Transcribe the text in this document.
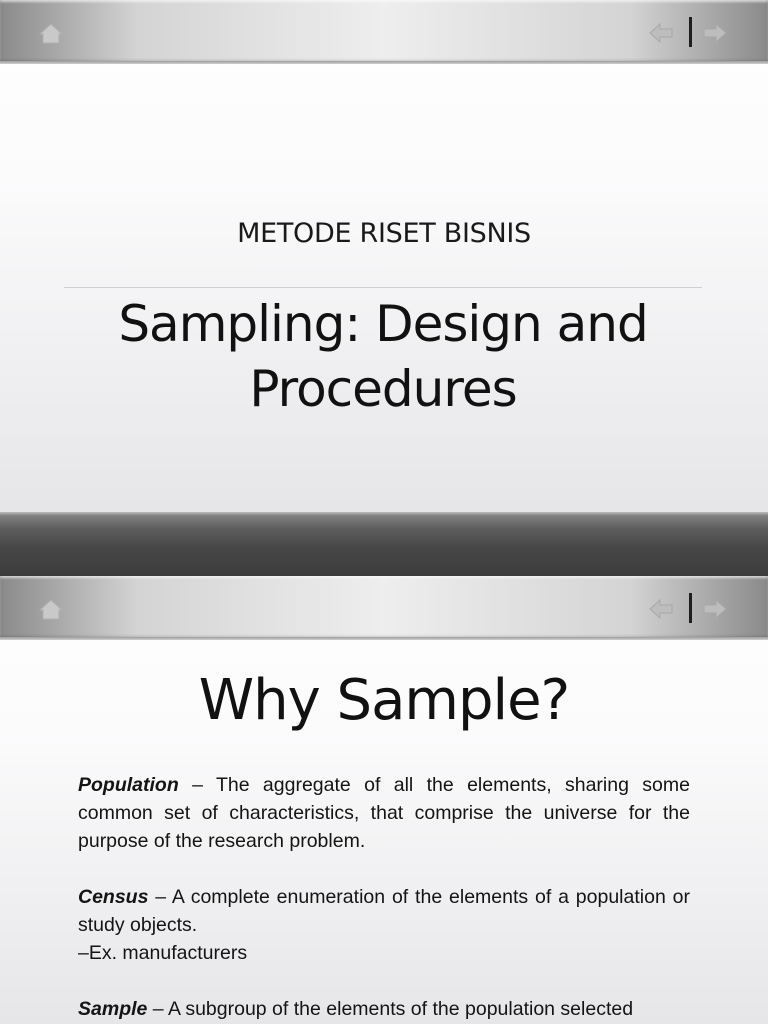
METODE RISET BISNIS
Sampling: Design and
Procedures
Why Sample?

Population – The aggregate of all the elements, sharing some common set of characteristics, that comprise the universe for the purpose of the research problem.

Census – A complete enumeration of the elements of a population or study objects.
–Ex. manufacturers

Sample – A subgroup of the elements of the population selected
